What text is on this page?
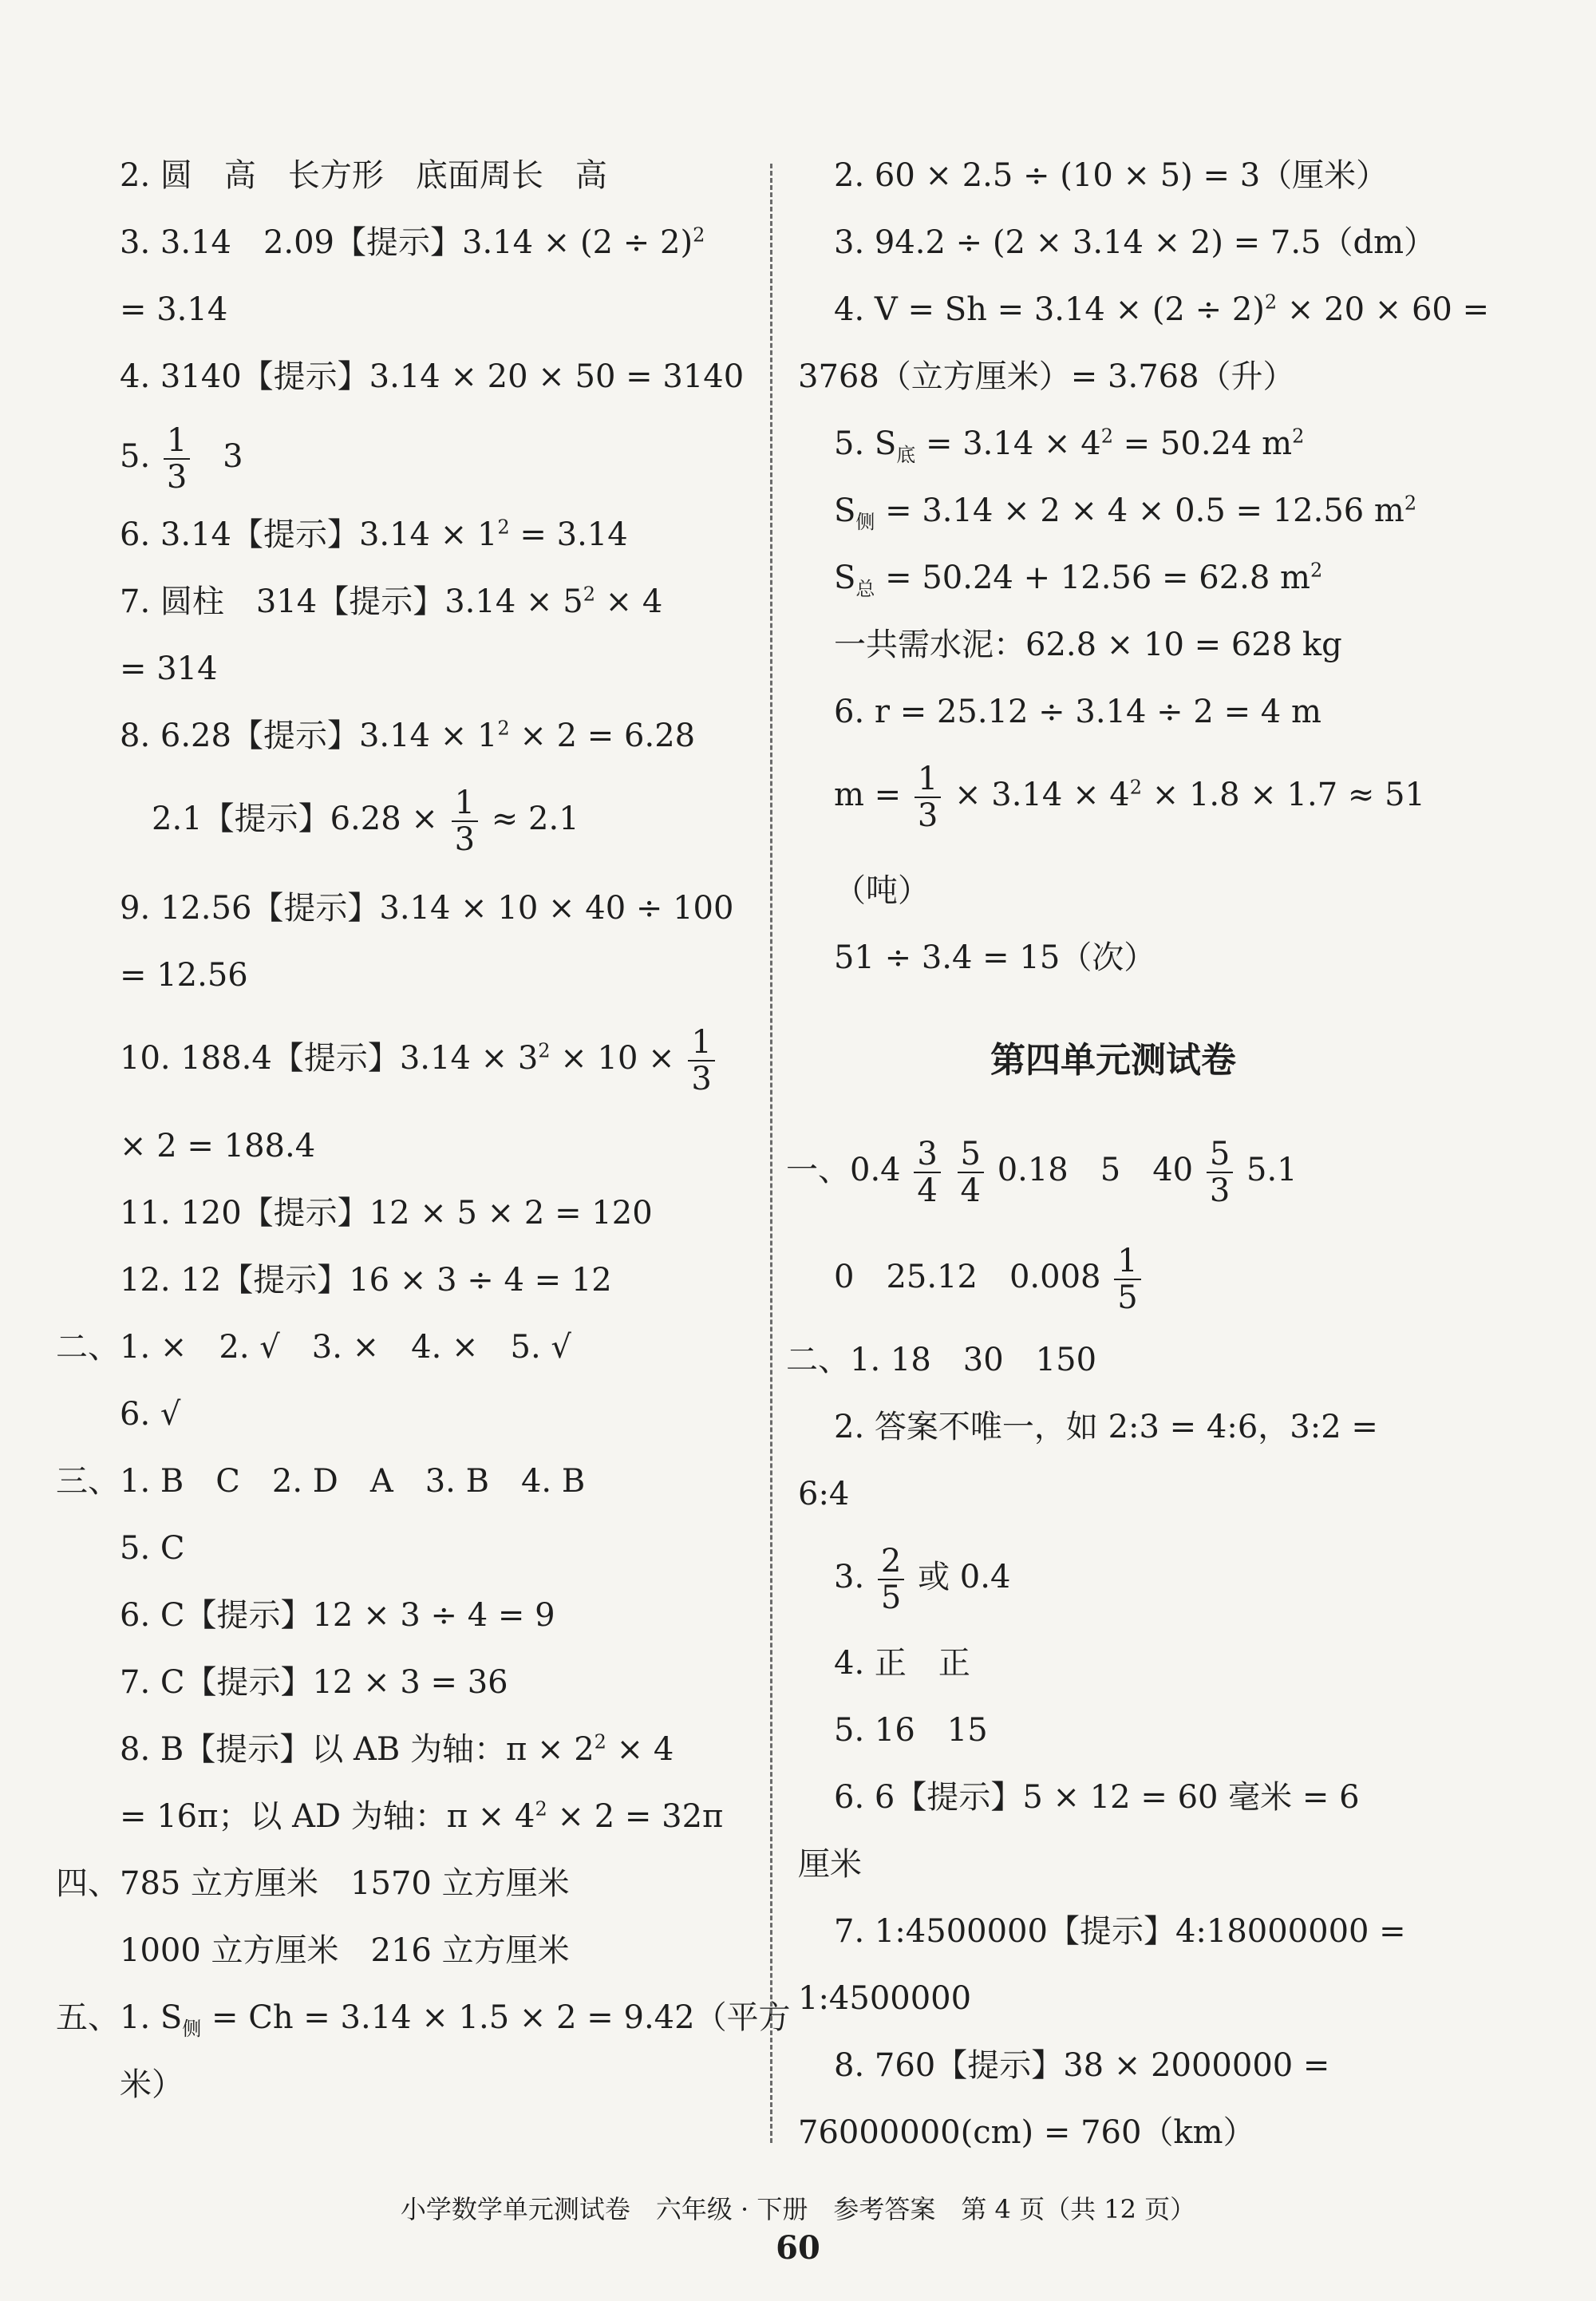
2. 圆　高　长方形　底面周长　高
3. 3.14　2.09【提示】$3.14 \times (2 \div 2)^2$
= 3.14
4. 3140【提示】3.14 × 20 × 50 = 3140
5. $\frac{1}{3} 3$
6. 3.14【提示】$3.14 \times 1^2 = 3.14$
7. 圆柱　314【提示】$3.14 \times 5^2 \times 4$
= 314
8. 6.28【提示】$3.14 \times 1^2 \times 2 = 6.28$
2.1【提示】$6.28 \times \frac{1}{3} \approx 2.1$
9. 12.56【提示】3.14 × 10 × 40 ÷ 100
= 12.56
10. 188.4【提示】$3.14 \times 3^2 \times 10 \times \frac{1}{3}$
× 2 = 188.4
11. 120【提示】12 × 5 × 2 = 120
12. 12【提示】16 × 3 ÷ 4 = 12
二、1. ×　2. √　3. ×　4. ×　5. √
6. √
三、1. B　C　2. D　A　3. B　4. B
5. C
6. C【提示】12 × 3 ÷ 4 = 9
7. C【提示】12 × 3 = 36
8. B【提示】以 AB 为轴：$\pi \times 2^2 \times 4$
= 16π；以 AD 为轴：$\pi \times 4^2 \times 2 = 32\pi$
四、785 立方厘米　1570 立方厘米
1000 立方厘米　216 立方厘米
五、1. $S_侧 = Ch = 3.14 \times 1.5 \times 2 = 9.42$（平方
米）
2. 60 × 2.5 ÷ (10 × 5) = 3（厘米）
3. 94.2 ÷ (2 × 3.14 × 2) = 7.5（dm）
4. $V = Sh = 3.14 \times (2 \div 2)^2 \times 20 \times 60$ =
3768（立方厘米）= 3.768（升）
5. $S_底 = 3.14 \times 4^2 = 50.24$ $m^2$
$S_侧 = 3.14 \times 2 \times 4 \times 0.5 = 12.56$ $m^2$
$S_总 = 50.24 + 12.56 = 62.8$ $m^2$
一共需水泥：62.8 × 10 = 628 kg
6. r = 25.12 ÷ 3.14 ÷ 2 = 4 m
$m = \frac{1}{3} \times 3.14 \times 4^2 \times 1.8 \times 1.7 \approx 51$
（吨）
51 ÷ 3.4 = 15（次）
一、$0.4 \frac{3}{4}$
$\frac{5}{4} 0.18$　5　$40 \frac{5}{3} 5.1$
0　25.12　$0.008 \frac{1}{5}$
二、1. 18　30　150
2. 答案不唯一，如 2:3 = 4:6，3:2 =
6:4
3. $\frac{2}{5}$ 或 0.4
4. 正　正
5. 16　15
6. 6【提示】5 × 12 = 60 毫米 = 6
厘米
7. 1:4500000【提示】4:18000000 =
1:4500000
8. 760【提示】38 × 2000000 =
76000000(cm) = 760（km）
第四单元测试卷
小学数学单元测试卷　六年级 · 下册　参考答案　第 4 页（共 12 页）
60
